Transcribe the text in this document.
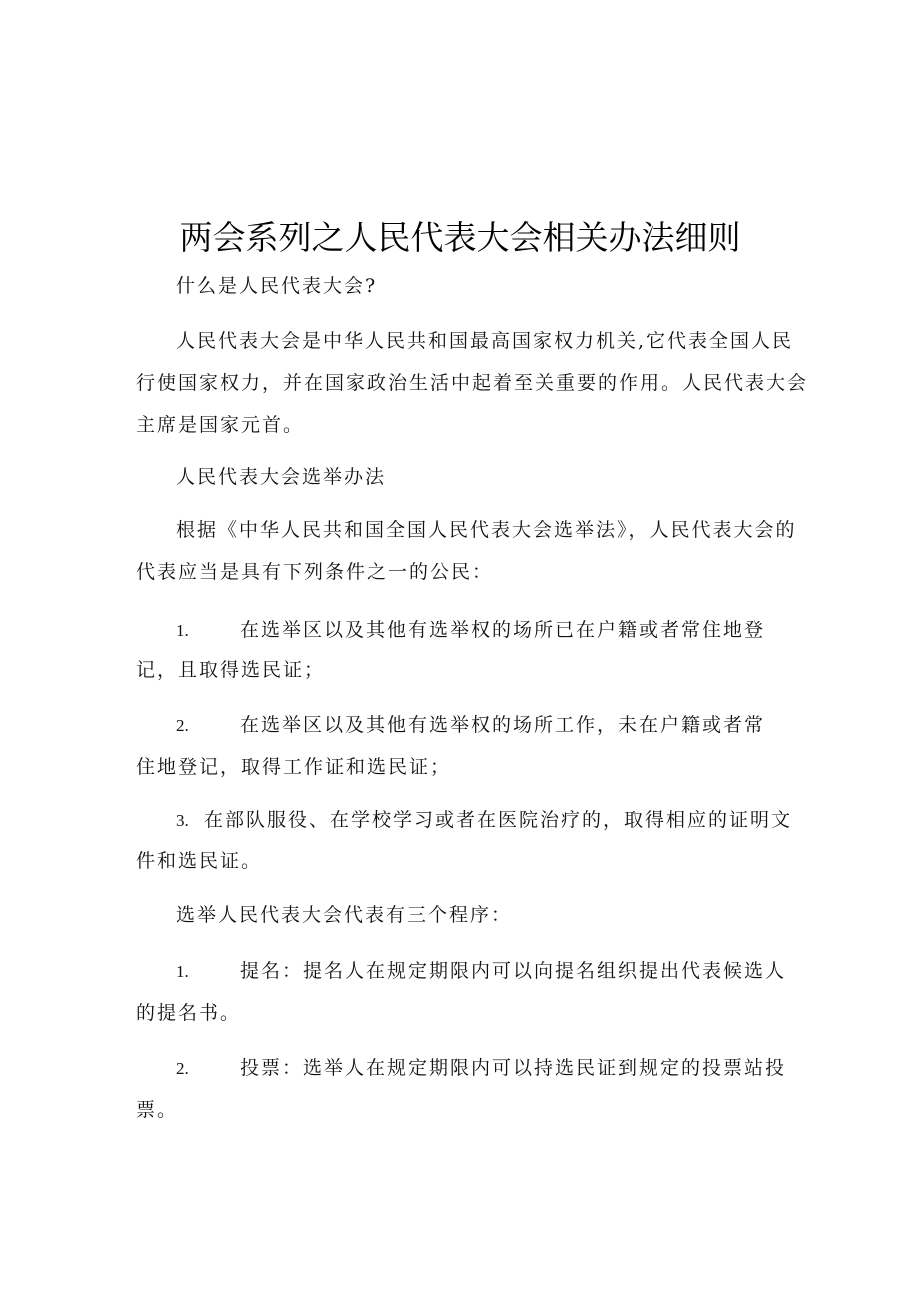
两会系列之人民代表大会相关办法细则
什么是人民代表大会?
人民代表大会是中华人民共和国最高国家权力机关,它代表全国人民
行使国家权力，并在国家政治生活中起着至关重要的作用。人民代表大会
主席是国家元首。
人民代表大会选举办法
根据《中华人民共和国全国人民代表大会选举法》，人民代表大会的
代表应当是具有下列条件之一的公民：
1.	在选举区以及其他有选举权的场所已在户籍或者常住地登
记，且取得选民证；
2.	在选举区以及其他有选举权的场所工作，未在户籍或者常
住地登记，取得工作证和选民证；
3. 在部队服役、在学校学习或者在医院治疗的，取得相应的证明文
件和选民证。
选举人民代表大会代表有三个程序：
1.	提名：提名人在规定期限内可以向提名组织提出代表候选人
的提名书。
2.	投票：选举人在规定期限内可以持选民证到规定的投票站投
票。
